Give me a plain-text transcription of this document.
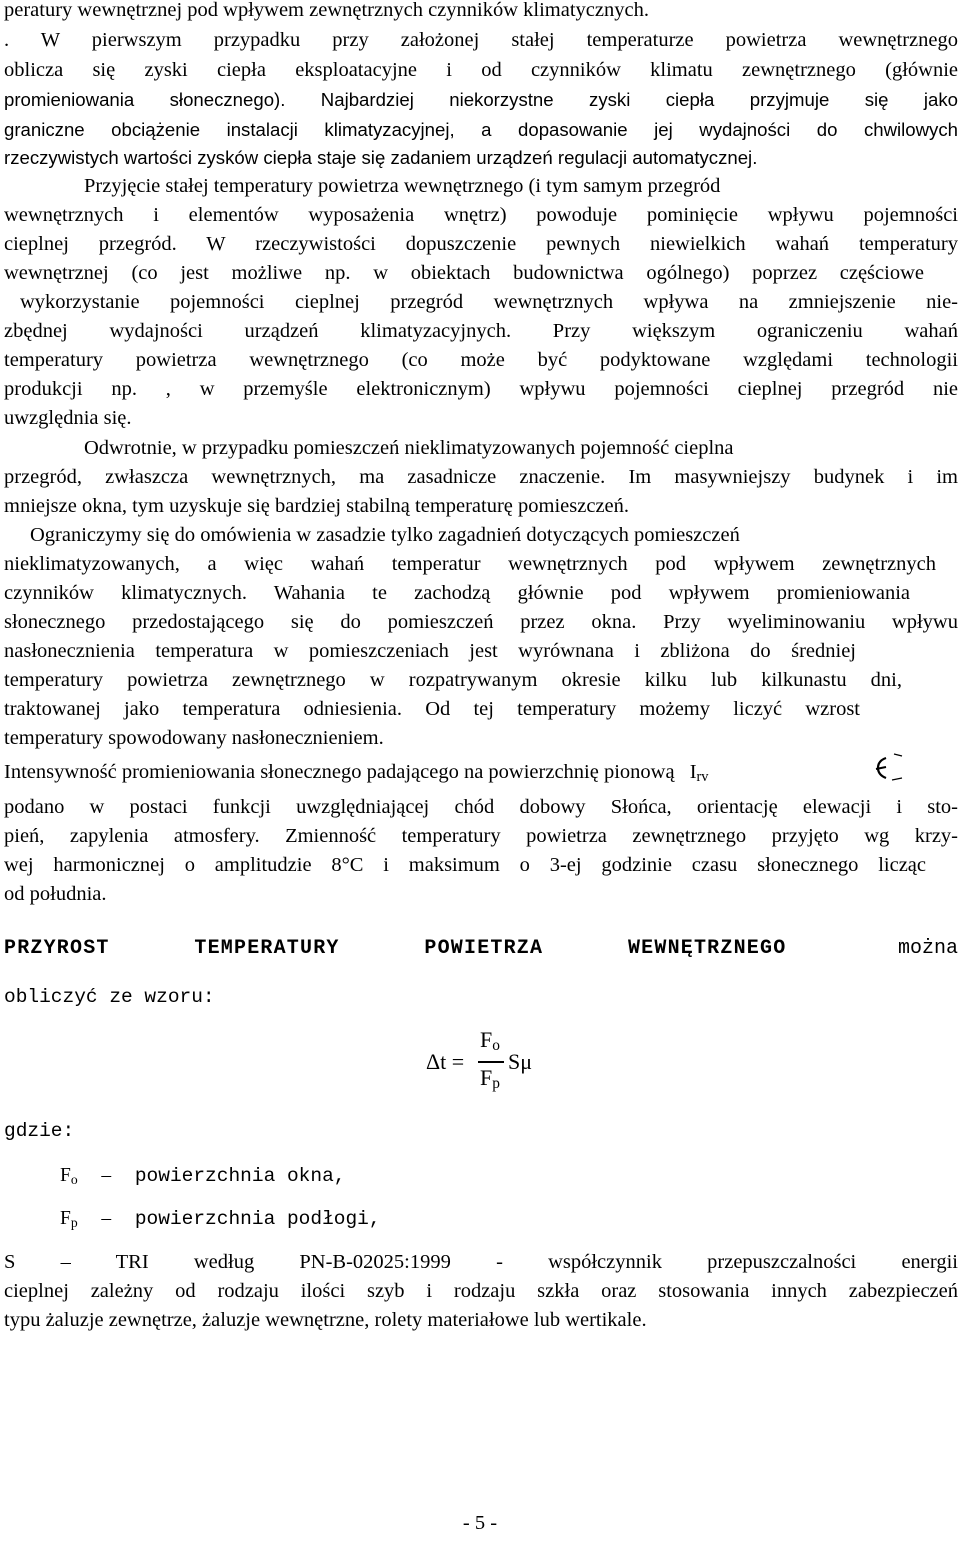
peratury wewnętrznej pod wpływem zewnętrznych czynników klimatycznych.
. W pierwszym przypadku przy założonej stałej temperaturze powietrza wewnętrznego
oblicza się zyski ciepła eksploatacyjne i od czynników klimatu zewnętrznego (głównie
promieniowania słonecznego). Najbardziej niekorzystne zyski ciepła przyjmuje się jako
graniczne obciążenie instalacji klimatyzacyjnej, a dopasowanie jej wydajności do chwilowych
rzeczywistych wartości zysków ciepła staje się zadaniem urządzeń regulacji automatycznej.
Przyjęcie stałej temperatury powietrza wewnętrznego (i tym samym przegród
wewnętrznych i elementów wyposażenia wnętrz) powoduje pominięcie wpływu pojemności
cieplnej przegród. W rzeczywistości dopuszczenie pewnych niewielkich wahań temperatury
wewnętrznej (co jest możliwe np. w obiektach budownictwa ogólnego) poprzez częściowe
wykorzystanie pojemności cieplnej przegród wewnętrznych wpływa na zmniejszenie nie-
zbędnej wydajności urządzeń klimatyzacyjnych. Przy większym ograniczeniu wahań
temperatury powietrza wewnętrznego (co może być podyktowane względami technologii
produkcji np. , w przemyśle elektronicznym) wpływu pojemności cieplnej przegród nie
uwzględnia się.
Odwrotnie, w przypadku pomieszczeń nieklimatyzowanych pojemność cieplna
przegród, zwłaszcza wewnętrznych, ma zasadnicze znaczenie. Im masywniejszy budynek i im
mniejsze okna, tym uzyskuje się bardziej stabilną temperaturę pomieszczeń.
Ograniczymy się do omówienia w zasadzie tylko zagadnień dotyczących pomieszczeń
nieklimatyzowanych, a więc wahań temperatur wewnętrznych pod wpływem zewnętrznych
czynników klimatycznych. Wahania te zachodzą głównie pod wpływem promieniowania
słonecznego przedostającego się do pomieszczeń przez okna. Przy wyeliminowaniu wpływu
nasłonecznienia temperatura w pomieszczeniach jest wyrównana i zbliżona do średniej
temperatury powietrza zewnętrznego w rozpatrywanym okresie kilku lub kilkunastu dni,
traktowanej jako temperatura odniesienia. Od tej temperatury możemy liczyć wzrost
temperatury spowodowany nasłonecznieniem.
Intensywność promieniowania słonecznego padającego na powierzchnię pionową $I_{rv}$
podano w postaci funkcji uwzględniającej chód dobowy Słońca, orientację elewacji i sto-
pień, zapylenia atmosfery. Zmienność temperatury powietrza zewnętrznego przyjęto wg krzy-
wej harmonicznej o amplitudzie 8°C i maksimum o 3-ej godzinie czasu słonecznego licząc
od południa.
PRZYROST TEMPERATURY POWIETRZA WEWNĘTRZNEGO	można
obliczyć ze wzoru:
Δt =
$F_o$
$F_p$
Sμ
gdzie:
$F_o$ – powierzchnia okna,
$F_p$ – powierzchnia podłogi,
S – TRI według PN-B-02025:1999 - współczynnik przepuszczalności energii
cieplnej zależny od rodzaju ilości szyb i rodzaju szkła oraz stosowania innych zabezpieczeń
typu żaluzje zewnętrze, żaluzje wewnętrzne, rolety materiałowe lub wertikale.
- 5 -
